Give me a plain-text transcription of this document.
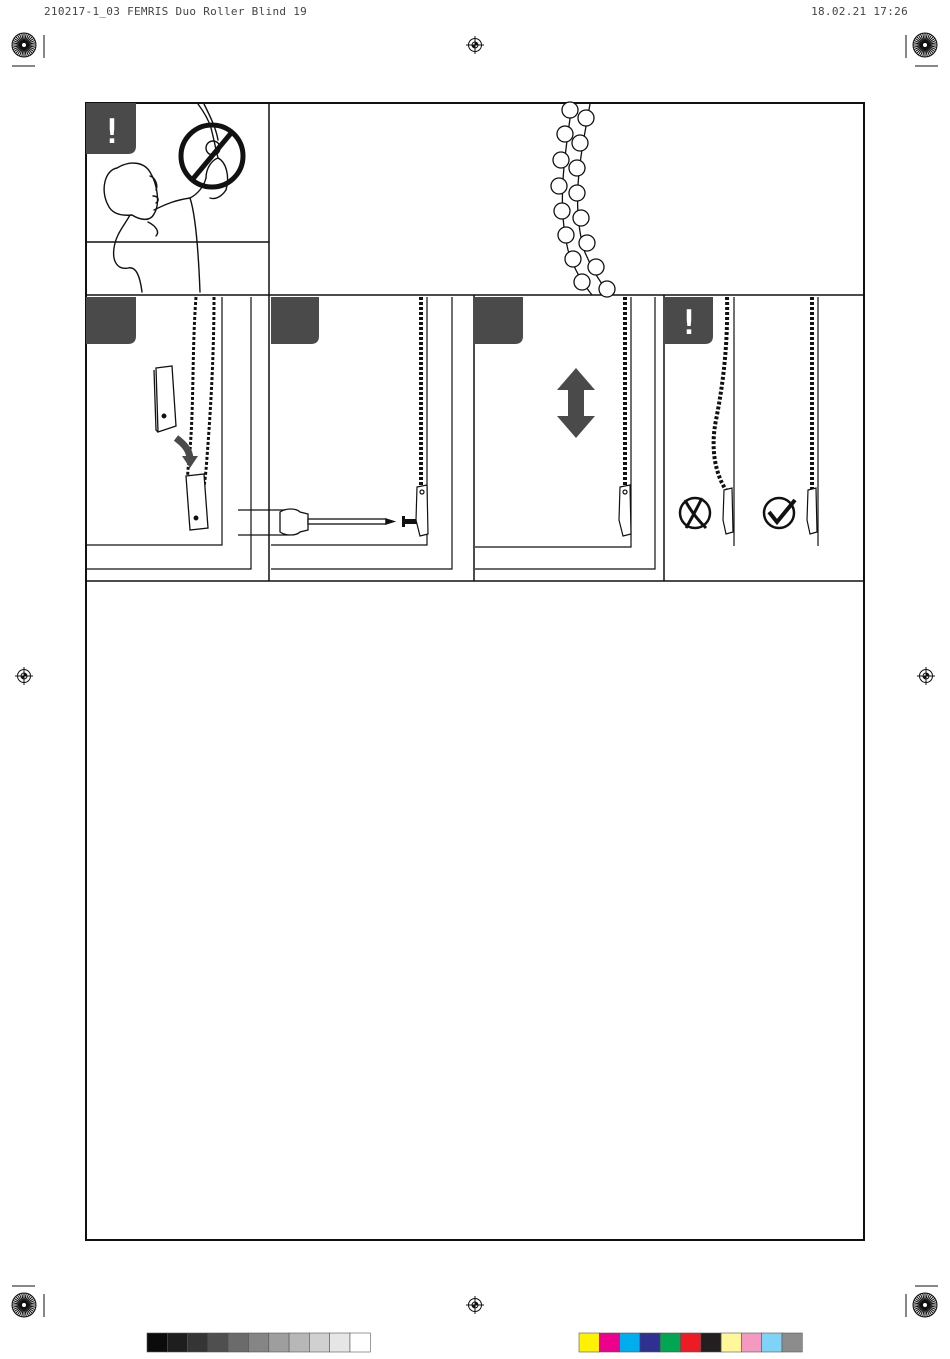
210217-1_03 FEMRIS Duo Roller Blind 19	18.02.21 17:26
!
!
